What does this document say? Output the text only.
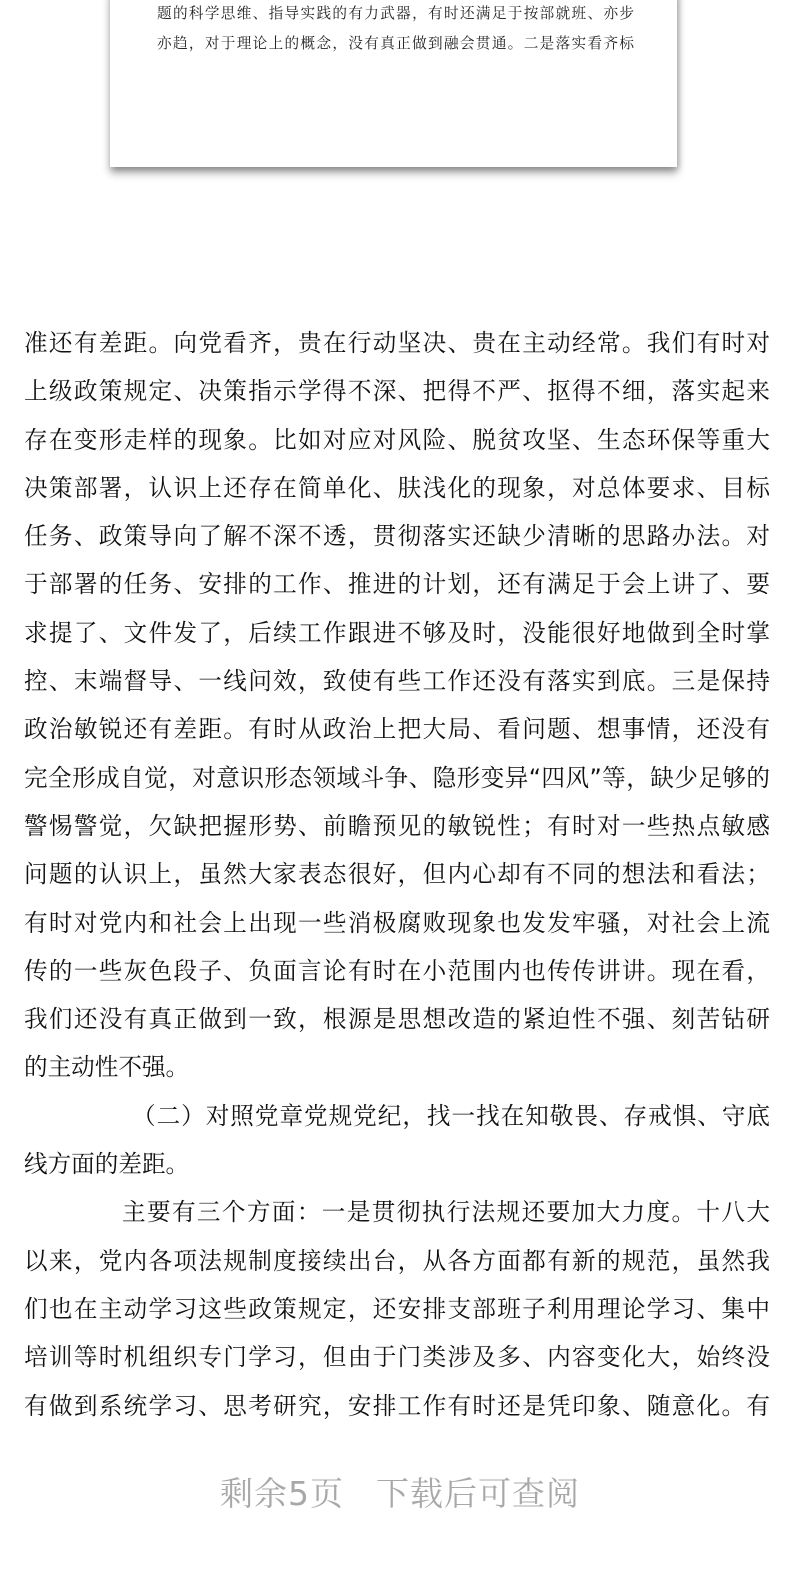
题的科学思维、指导实践的有力武器，有时还满足于按部就班、亦步
亦趋，对于理论上的概念，没有真正做到融会贯通。二是落实看齐标
准还有差距。向党看齐，贵在行动坚决、贵在主动经常。我们有时对
上级政策规定、决策指示学得不深、把得不严、抠得不细，落实起来
存在变形走样的现象。比如对应对风险、脱贫攻坚、生态环保等重大
决策部署，认识上还存在简单化、肤浅化的现象，对总体要求、目标
任务、政策导向了解不深不透，贯彻落实还缺少清晰的思路办法。对
于部署的任务、安排的工作、推进的计划，还有满足于会上讲了、要
求提了、文件发了，后续工作跟进不够及时，没能很好地做到全时掌
控、末端督导、一线问效，致使有些工作还没有落实到底。三是保持
政治敏锐还有差距。有时从政治上把大局、看问题、想事情，还没有
完全形成自觉，对意识形态领域斗争、隐形变异“四风”等，缺少足够的
警惕警觉，欠缺把握形势、前瞻预见的敏锐性；有时对一些热点敏感
问题的认识上，虽然大家表态很好，但内心却有不同的想法和看法；
有时对党内和社会上出现一些消极腐败现象也发发牢骚，对社会上流
传的一些灰色段子、负面言论有时在小范围内也传传讲讲。现在看，
我们还没有真正做到一致，根源是思想改造的紧迫性不强、刻苦钻研
的主动性不强。
（二）对照党章党规党纪，找一找在知敬畏、存戒惧、守底
线方面的差距。
主要有三个方面：一是贯彻执行法规还要加大力度。十八大
以来，党内各项法规制度接续出台，从各方面都有新的规范，虽然我
们也在主动学习这些政策规定，还安排支部班子利用理论学习、集中
培训等时机组织专门学习，但由于门类涉及多、内容变化大，始终没
有做到系统学习、思考研究，安排工作有时还是凭印象、随意化。有
剩余5页 下载后可查阅
